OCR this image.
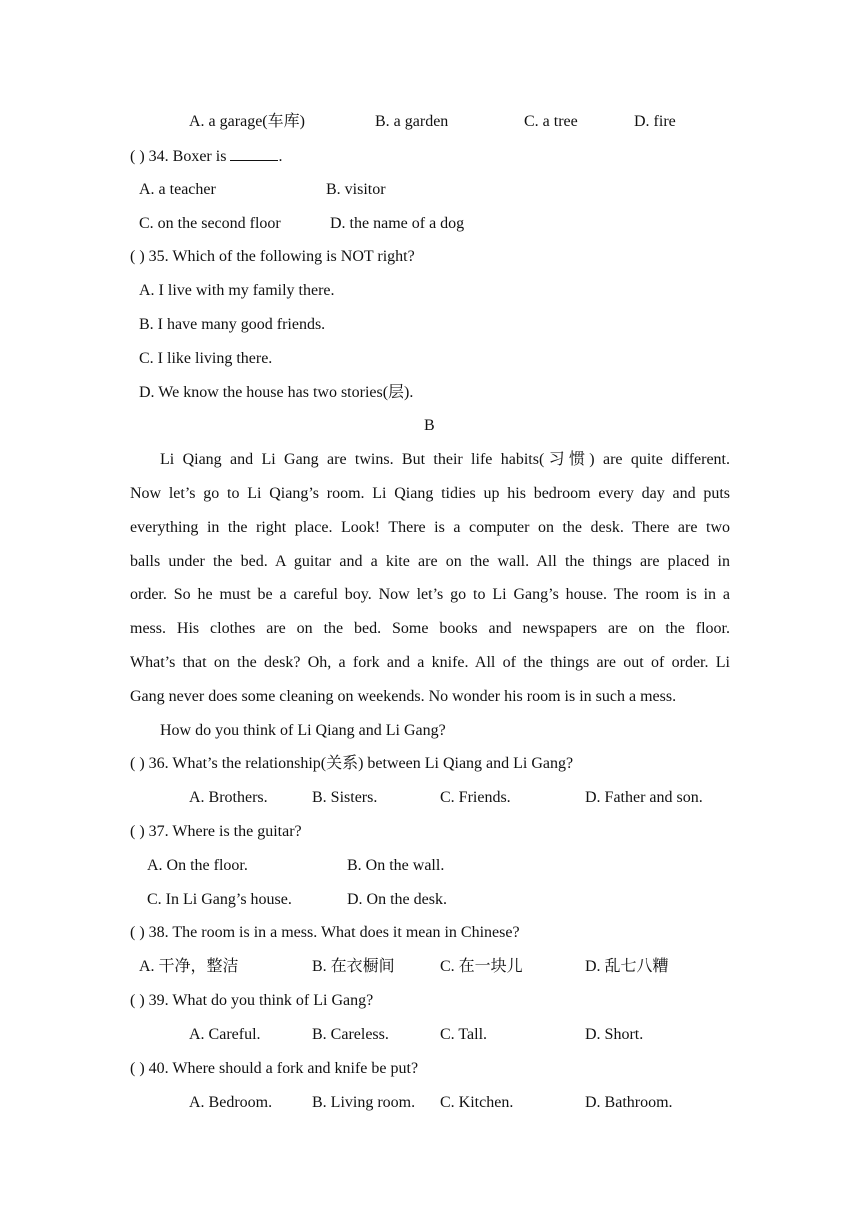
A. a garage(车库)	B. a garden	C. a tree	D. fire
( ) 34. Boxer is	.
A. a teacher	B. visitor
C. on the second floor	D. the name of a dog
( ) 35. Which of the following is NOT right?
A. I live with my family there.
B. I have many good friends.
C. I like living there.
D. We know the house has two stories(层).
B
Li Qiang and Li Gang are twins. But their life habits(习惯) are quite different.
Now let’s go to Li Qiang’s room. Li Qiang tidies up his bedroom every day and puts
everything in the right place. Look! There is a computer on the desk. There are two
balls under the bed. A guitar and a kite are on the wall. All the things are placed in
order. So he must be a careful boy. Now let’s go to Li Gang’s house. The room is in a
mess. His clothes are on the bed. Some books and newspapers are on the floor.
What’s that on the desk? Oh, a fork and a knife. All of the things are out of order. Li
Gang never does some cleaning on weekends. No wonder his room is in such a mess.
How do you think of Li Qiang and Li Gang?
( ) 36. What’s the relationship(关系) between Li Qiang and Li Gang?
A. Brothers.	B. Sisters.	C. Friends.	D. Father and son.
( ) 37. Where is the guitar?
A. On the floor.	B. On the wall.
C. In Li Gang’s house.	D. On the desk.
( ) 38. The room is in a mess. What does it mean in Chinese?
A. 干净，整洁	B. 在衣橱间	C. 在一块儿	D. 乱七八糟
( ) 39. What do you think of Li Gang?
A. Careful.	B. Careless.	C. Tall.	D. Short.
( ) 40. Where should a fork and knife be put?
A. Bedroom. B. Living room. C. Kitchen.	D. Bathroom.
